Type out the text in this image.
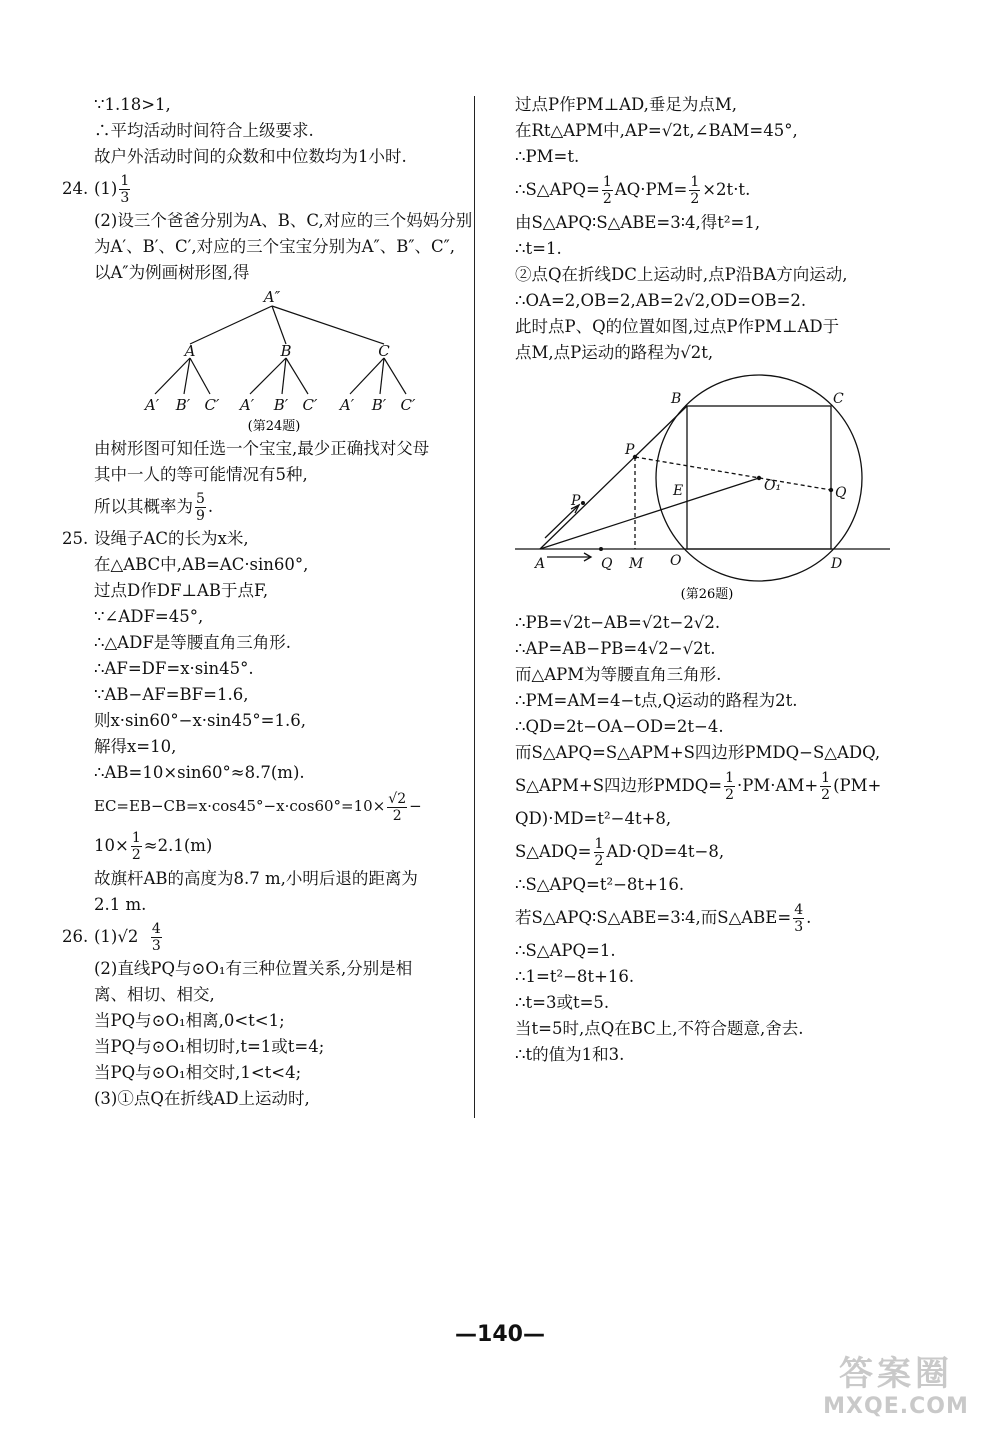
∵1.18>1,
∴平均活动时间符合上级要求.
故户外活动时间的众数和中位数均为1小时.
24. $(1) \frac{1}{3}$
(2)设三个爸爸分别为A、B、C,对应的三个妈妈分别
为A′、B′、C′,对应的三个宝宝分别为A″、B″、C″,
以A″为例画树形图,得
A″
A	B	C
A′ B′ C′ A′ B′ C′ A′ B′ C′
(第24题)
由树形图可知任选一个宝宝,最少正确找对父母
其中一人的等可能情况有5种,
所以其概率为 $\frac{5}{9}$ .
25. 设绳子AC的长为x米,
在△ABC中,AB=AC·sin60°,
过点D作DF⊥AB于点F,
∵∠ADF=45°,
∴△ADF是等腰直角三角形.
∴AF=DF=x·sin45°.
∵AB−AF=BF=1.6,
则x·sin60°−x·sin45°=1.6,
解得x=10,
∴AB=10×sin60°≈8.7(m).
$EC=EB-CB=x\cdot\cos 45^\circ-x\cdot\cos 60^\circ=10\times \frac{√2}{2}$ −
$10\times \frac{1}{2} \approx 2.1(m)$
故旗杆AB的高度为8.7 m,小明后退的距离为
2.1 m.
26. $(1)√2 \frac{4}{3}$
(2)直线PQ与⊙O₁有三种位置关系,分别是相
离、相切、相交,
当PQ与⊙O₁相离,0<t<1;
当PQ与⊙O₁相切时,t=1或t=4;
当PQ与⊙O₁相交时,1<t<4;
(3)①点Q在折线AD上运动时,
过点P作PM⊥AD,垂足为点M,
在Rt△APM中,AP=√2t,∠BAM=45°,
∴PM=t.
∴S△APQ= $\frac{1}{2} AQ\cdot PM= \frac{1}{2} \times 2t\cdot t$.
由S△APQ∶S△ABE=3∶4,得t²=1,
∴t=1.
②点Q在折线DC上运动时,点P沿BA方向运动,
∴OA=2,OB=2,AB=2√2,OD=OB=2.
此时点P、Q的位置如图,过点P作PM⊥AD于
点M,点P运动的路程为√2t,
B	C
P
E	O₁	Q
P
A	Q M O	D
(第26题)
∴PB=√2t−AB=√2t−2√2.
∴AP=AB−PB=4√2−√2t.
而△APM为等腰直角三角形.
∴PM=AM=4−t点,Q运动的路程为2t.
∴QD=2t−OA−OD=2t−4.
而S△APQ=S△APM+S四边形PMDQ−S△ADQ,
S△APM+S四边形PMDQ= $\frac{1}{2} \cdot PM\cdot AM+ \frac{1}{2} (PM+$
QD)·MD=t²−4t+8,
S△ADQ= $\frac{1}{2} AD\cdot QD=4t-8$,
∴S△APQ=t²−8t+16.
若S△APQ∶S△ABE=3∶4,而S△ABE= $\frac{4}{3}$ .
∴S△APQ=1.
∴1=t²−8t+16.
∴t=3或t=5.
当t=5时,点Q在BC上,不符合题意,舍去.
∴t的值为1和3.
—140—
答案圈
MXQE.COM
